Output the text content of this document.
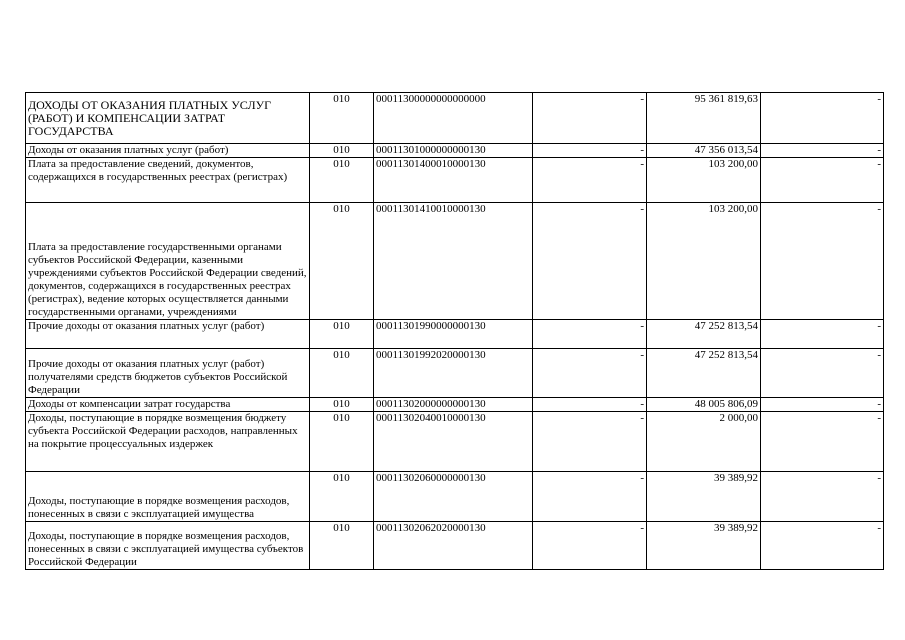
ДОХОДЫ ОТ ОКАЗАНИЯ ПЛАТНЫХ УСЛУГ (РАБОТ) И КОМПЕНСАЦИИ ЗАТРАТ ГОСУДАРСТВА	010	00011300000000000000	-	95 361 819,63	-
Доходы от оказания платных услуг (работ)	010	00011301000000000130	-	47 356 013,54	-
Плата за предоставление сведений, документов, содержащихся в государственных реестрах (регистрах)	010	00011301400010000130	-	103 200,00	-
Плата за предоставление государственными органами субъектов Российской Федерации, казенными учреждениями субъектов Российской Федерации сведений, документов, содержащихся в государственных реестрах (регистрах), ведение которых осуществляется данными государственными органами, учреждениями	010	00011301410010000130	-	103 200,00	-
Прочие доходы от оказания платных услуг (работ)	010	00011301990000000130	-	47 252 813,54	-
Прочие доходы от оказания платных услуг (работ) получателями средств бюджетов субъектов Российской Федерации	010	00011301992020000130	-	47 252 813,54	-
Доходы от компенсации затрат государства	010	00011302000000000130	-	48 005 806,09	-
Доходы, поступающие в порядке возмещения бюджету субъекта Российской Федерации расходов, направленных на покрытие процессуальных издержек	010	00011302040010000130	-	2 000,00	-
Доходы, поступающие в порядке возмещения расходов, понесенных в связи с эксплуатацией имущества	010	00011302060000000130	-	39 389,92	-
Доходы, поступающие в порядке возмещения расходов, понесенных в связи с эксплуатацией имущества субъектов Российской Федерации	010	00011302062020000130	-	39 389,92	-
